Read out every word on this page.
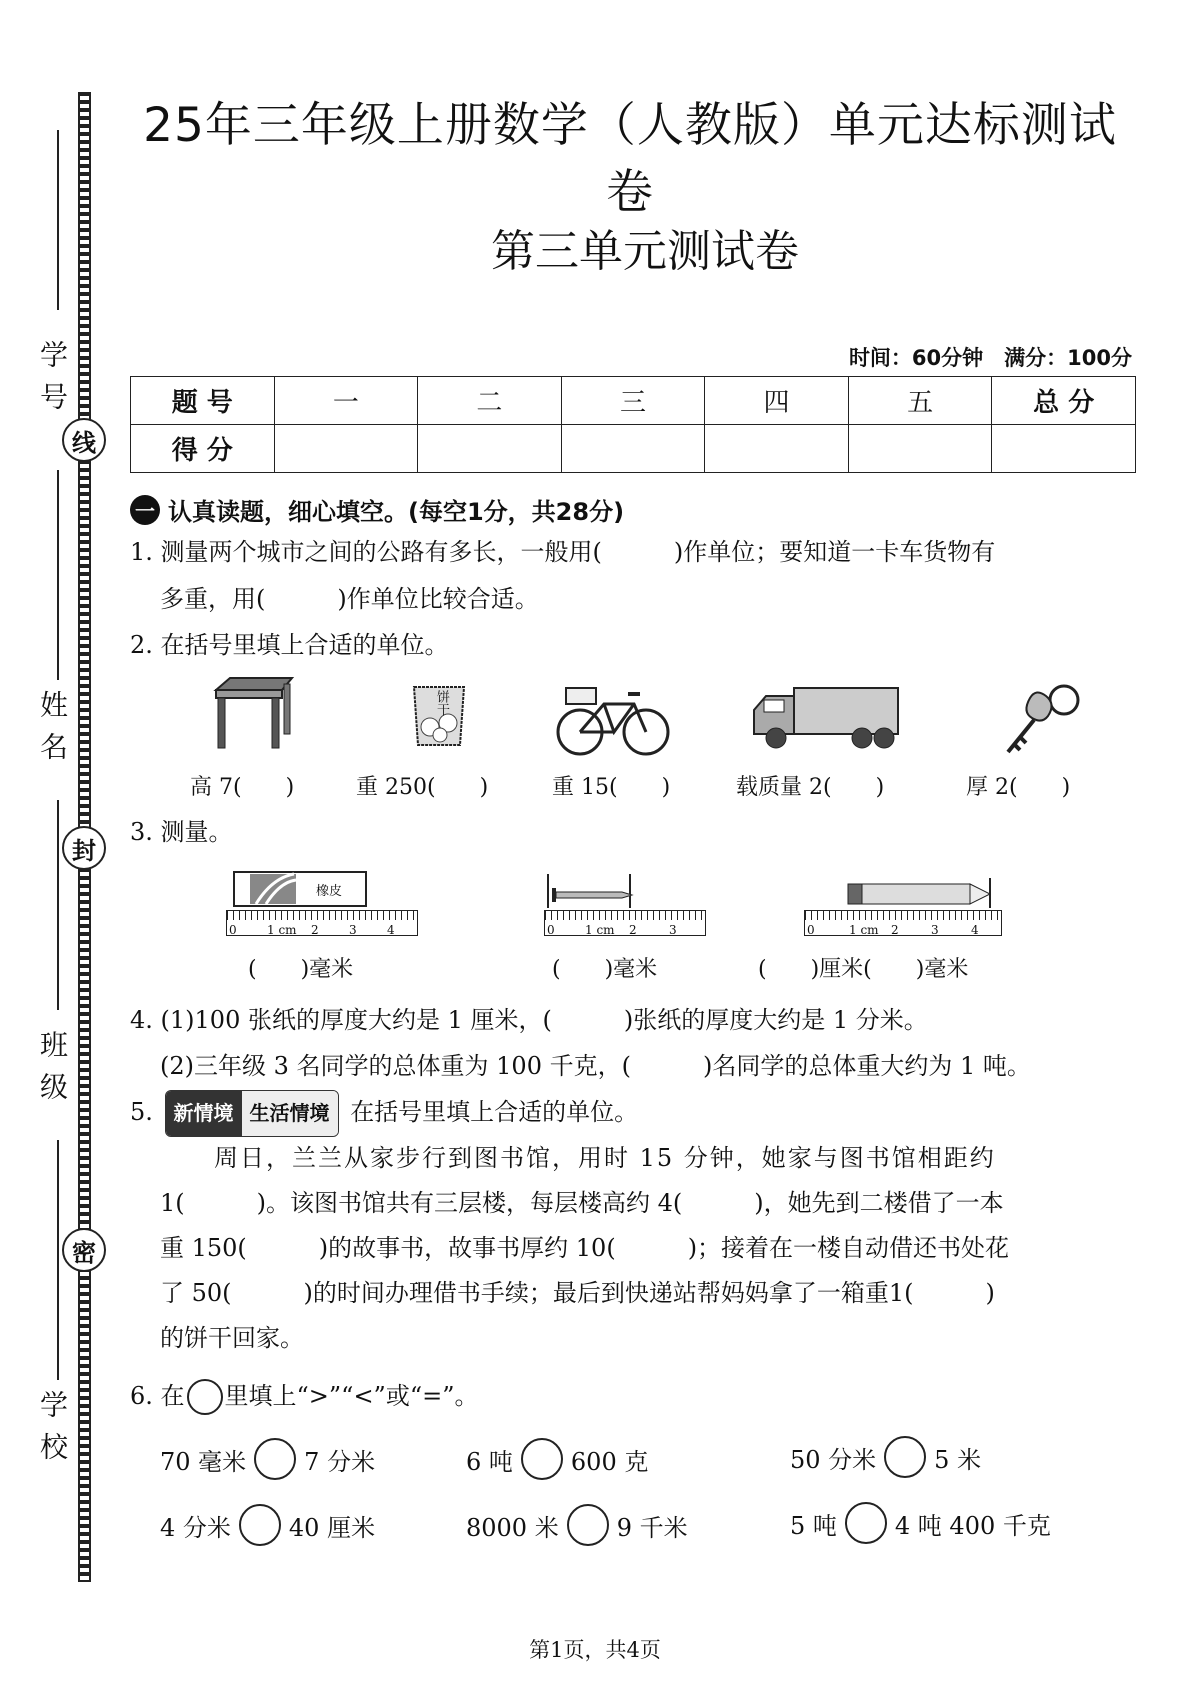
学号
姓名
班级
学校
线
封
密
25年三年级上册数学（人教版）单元达标测试卷
第三单元测试卷
时间：60分钟　满分：100分
题 号	一	二	三	四	五	总 分
得 分						
一 认真读题，细心填空。(每空1分，共28分)
1. 测量两个城市之间的公路有多长，一般用(　　　)作单位；要知道一卡车货物有
多重，用(　　　)作单位比较合适。
2. 在括号里填上合适的单位。
饼干
高 7(　　)	重 250(　　)	重 15(　　)	载质量 2(　　)	厚 2(　　)
3. 测量。
橡皮
0	1 cm 2	3	4	0	1 cm 2	3	0	1 cm 2	3	4
(　　)毫米	(　　)毫米	(　　)厘米(　　)毫米
4. (1)100 张纸的厚度大约是 1 厘米，(　　　)张纸的厚度大约是 1 分米。
(2)三年级 3 名同学的总体重为 100 千克，(　　　)名同学的总体重大约为 1 吨。
5.	新情境 生活情境 在括号里填上合适的单位。
周日，兰兰从家步行到图书馆，用时 15 分钟，她家与图书馆相距约
1(　　　)。该图书馆共有三层楼，每层楼高约 4(　　　)，她先到二楼借了一本
重 150(　　　)的故事书，故事书厚约 10(　　　)；接着在一楼自动借还书处花
了 50(　　　)的时间办理借书手续；最后到快递站帮妈妈拿了一箱重1(　　　)
的饼干回家。
6. 在 里填上“>”“<”或“=”。
70 毫米 7 分米	6 吨 600 克	50 分米 5 米
4 分米 40 厘米	8000 米 9 千米	5 吨 4 吨 400 千克
第1页，共4页
